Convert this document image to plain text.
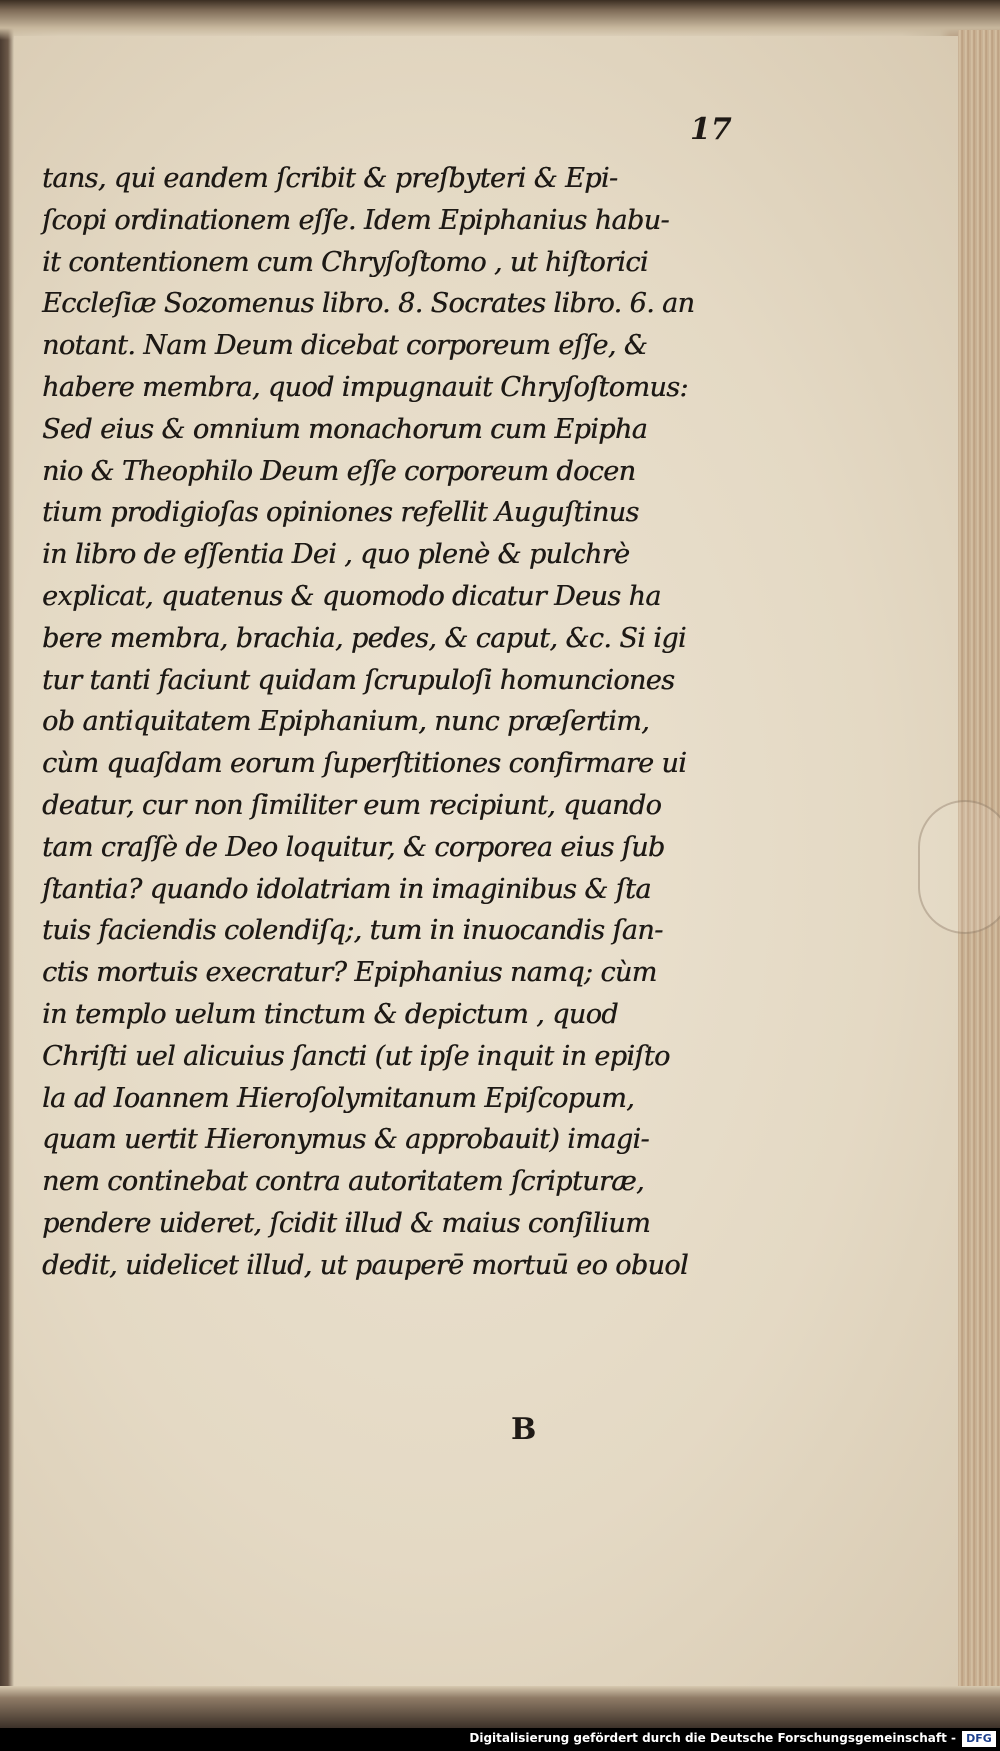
17
tans, qui eandem ſcribit & preſbyteri & Epi-
ſcopi ordinationem eſſe. Idem Epiphanius habu-
it contentionem cum Chryſoſtomo , ut hiſtorici
Eccleſiæ Sozomenus libro. 8. Socrates libro. 6. an
notant. Nam Deum dicebat corporeum eſſe, &
habere membra, quod impugnauit Chryſoſtomus:
Sed eius & omnium monachorum cum Epipha
nio & Theophilo Deum eſſe corporeum docen
tium prodigioſas opiniones refellit Auguſtinus
in libro de eſſentia Dei , quo plenè & pulchrè
explicat, quatenus & quomodo dicatur Deus ha
bere membra, brachia, pedes, & caput, &c. Si igi
tur tanti faciunt quidam ſcrupuloſi homunciones
ob antiquitatem Epiphanium, nunc præſertim,
cùm quaſdam eorum ſuperſtitiones confirmare ui
deatur, cur non ſimiliter eum recipiunt, quando
tam craſſè de Deo loquitur, & corporea eius ſub
ſtantia? quando idolatriam in imaginibus & ſta
tuis faciendis colendiſq;, tum in inuocandis ſan-
ctis mortuis execratur? Epiphanius namq; cùm
in templo uelum tinctum & depictum , quod
Chriſti uel alicuius ſancti (ut ipſe inquit in epiſto
la ad Ioannem Hieroſolymitanum Epiſcopum,
quam uertit Hieronymus & approbauit) imagi-
nem continebat contra autoritatem ſcripturæ,
pendere uideret, ſcidit illud & maius conſilium
dedit, uidelicet illud, ut pauperē mortuū eo obuol
B
Digitalisierung gefördert durch die Deutsche Forschungsgemeinschaft - DFG
